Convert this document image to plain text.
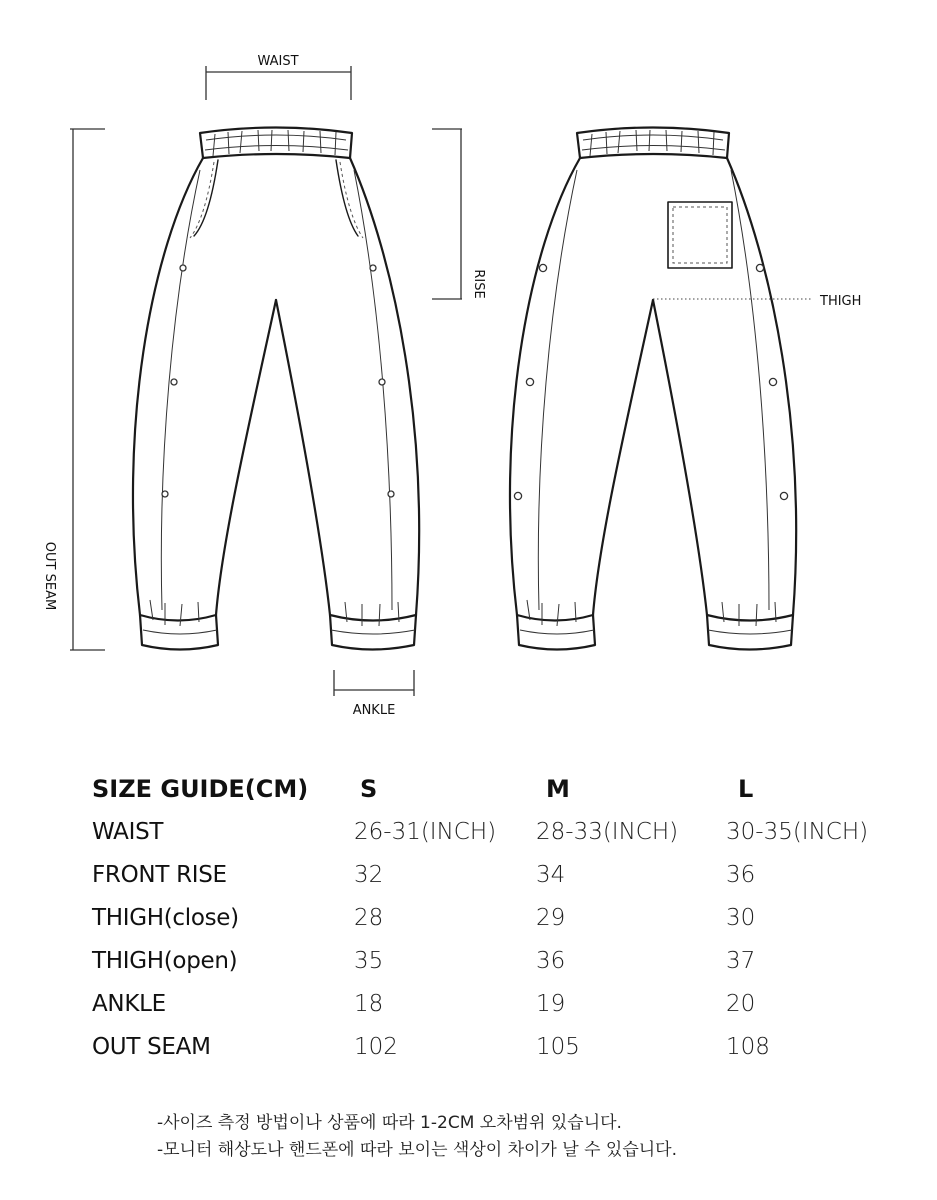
WAIST
RISE
OUT SEAM
ANKLE
THIGH
SIZE GUIDE(CM)	S	M	L
WAIST	26-31(INCH)	28-33(INCH)	30-35(INCH)
FRONT RISE	32	34	36
THIGH(close)	28	29	30
THIGH(open)	35	36	37
ANKLE	18	19	20
OUT SEAM	102	105	108
-사이즈 측정 방법이나 상품에 따라 1-2CM 오차범위 있습니다.
-모니터 해상도나 핸드폰에 따라 보이는 색상이 차이가 날 수 있습니다.
